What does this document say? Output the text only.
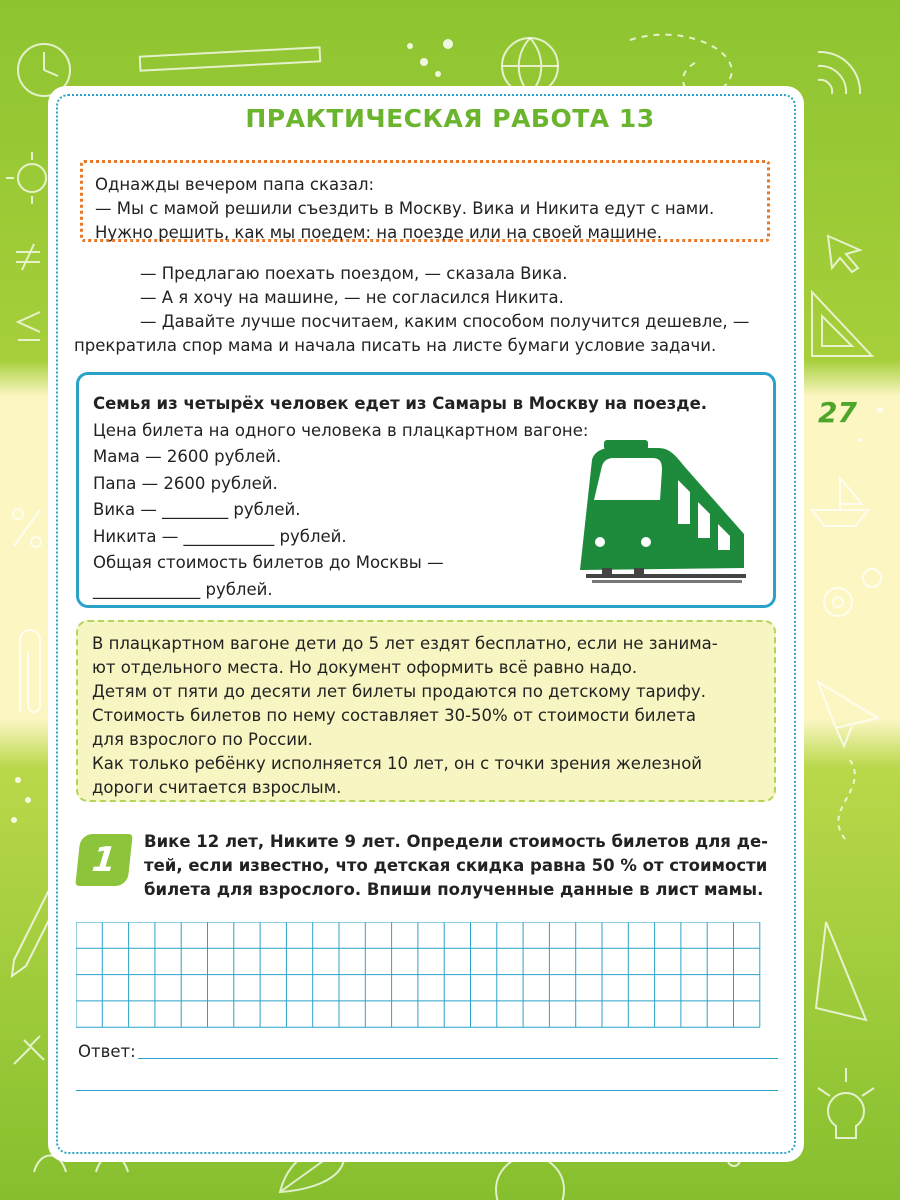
ПРАКТИЧЕСКАЯ РАБОТА 13
Однажды вечером папа сказал:
— Мы с мамой решили съездить в Москву. Вика и Никита едут с нами.
Нужно решить, как мы поедем: на поезде или на своей машине.
— Предлагаю поехать поездом, — сказала Вика.
— А я хочу на машине, — не согласился Никита.
— Давайте лучше посчитаем, каким способом получится дешевле, —
прекратила спор мама и начала писать на листе бумаги условие задачи.
Семья из четырёх человек едет из Самары в Москву на поезде.
Цена билета на одного человека в плацкартном вагоне:
Мама — 2600 рублей.
Папа — 2600 рублей.
Вика — ________ рублей.
Никита — ___________ рублей.
Общая стоимость билетов до Москвы —
_____________ рублей.
В плацкартном вагоне дети до 5 лет ездят бесплатно, если не занима-
ют отдельного места. Но документ оформить всё равно надо.
Детям от пяти до десяти лет билеты продаются по детскому тарифу.
Стоимость билетов по нему составляет 30-50% от стоимости билета
для взрослого по России.
Как только ребёнку исполняется 10 лет, он с точки зрения железной
дороги считается взрослым.
1	Вике 12 лет, Никите 9 лет. Определи стоимость билетов для де-
тей, если известно, что детская скидка равна 50 % от стоимости
билета для взрослого. Впиши полученные данные в лист мамы.
Ответ:
27
